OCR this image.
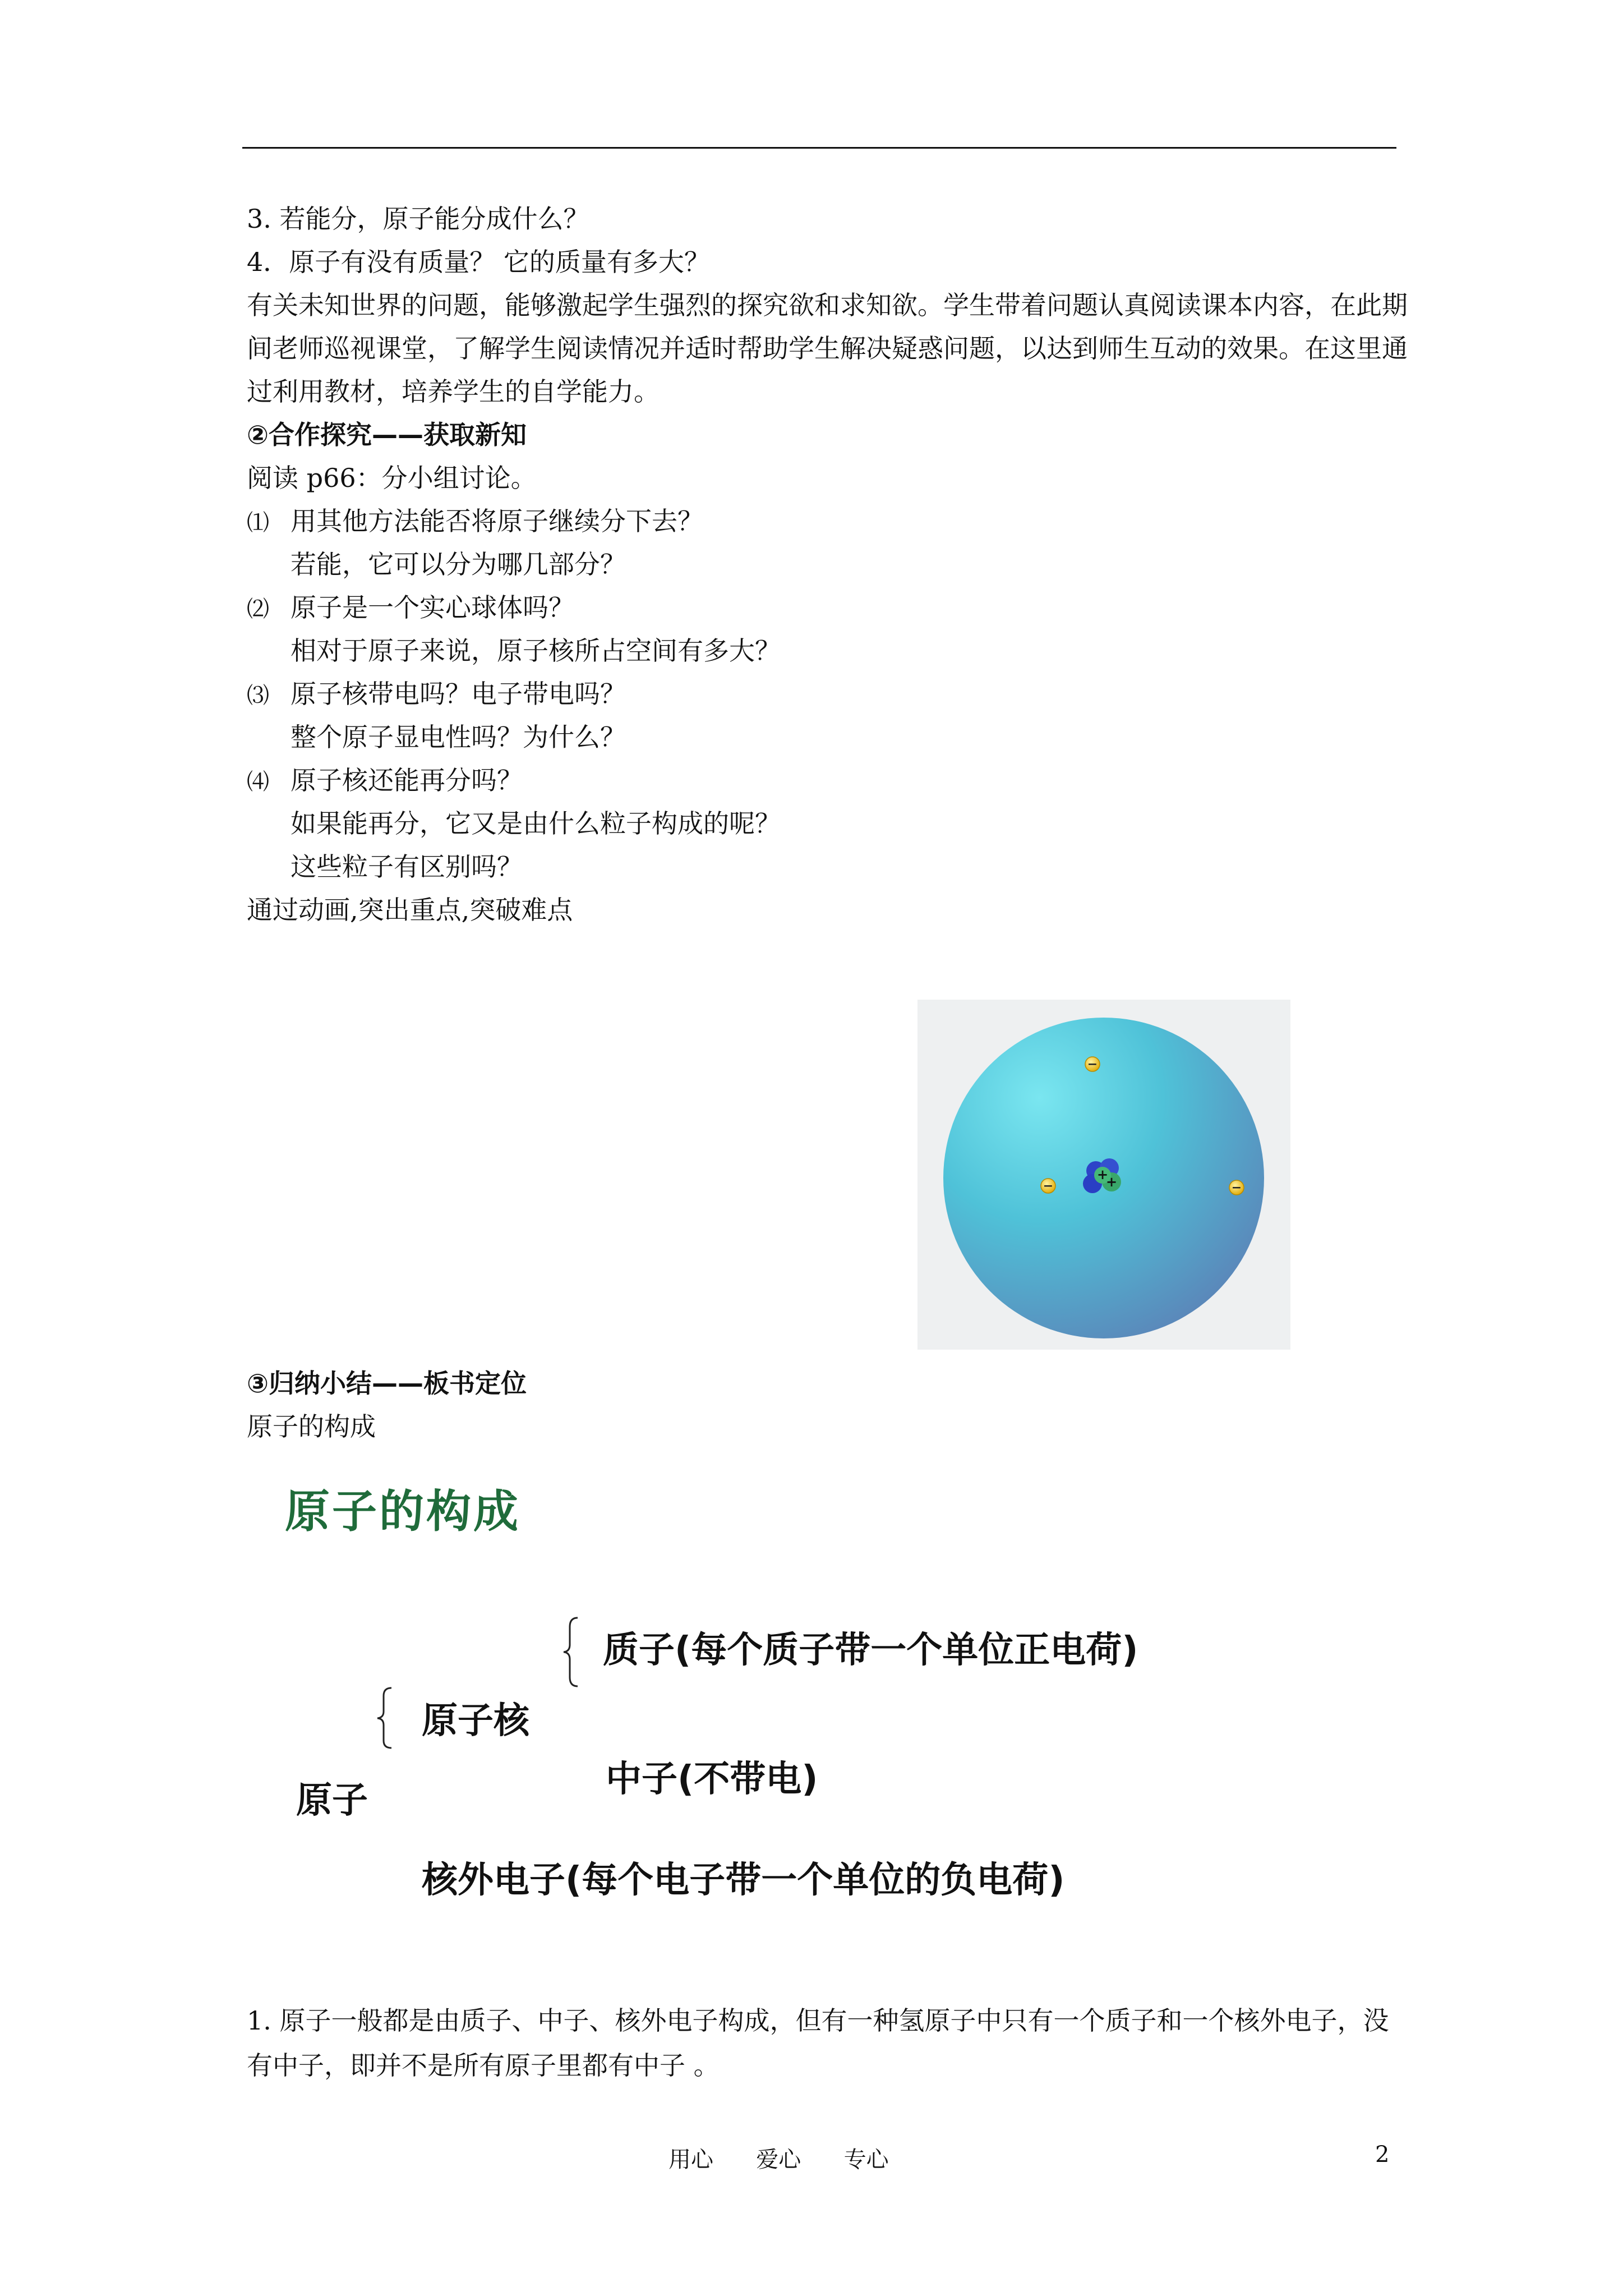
3. 若能分，原子能分成什么？
4．原子有没有质量？ 它的质量有多大？
有关未知世界的问题，能够激起学生强烈的探究欲和求知欲。学生带着问题认真阅读课本内容，在此期间老师巡视课堂，了解学生阅读情况并适时帮助学生解决疑惑问题，以达到师生互动的效果。在这里通过利用教材，培养学生的自学能力。
②合作探究——获取新知
阅读 p66：分小组讨论。
⑴ 用其他方法能否将原子继续分下去？
若能，它可以分为哪几部分？
⑵ 原子是一个实心球体吗？
相对于原子来说，原子核所占空间有多大？
⑶ 原子核带电吗？电子带电吗？
整个原子显电性吗？为什么？
⑷ 原子核还能再分吗？
如果能再分，它又是由什么粒子构成的呢？
这些粒子有区别吗？
通过动画,突出重点,突破难点
+
+
−
−	−
③归纳小结——板书定位
原子的构成
原子的构成
质子(每个质子带一个单位正电荷)
原子核
中子(不带电)
原子
核外电子(每个电子带一个单位的负电荷)
1. 原子一般都是由质子、中子、核外电子构成，但有一种氢原子中只有一个质子和一个核外电子，没有中子，即并不是所有原子里都有中子 。
用心      爱心      专心	2
